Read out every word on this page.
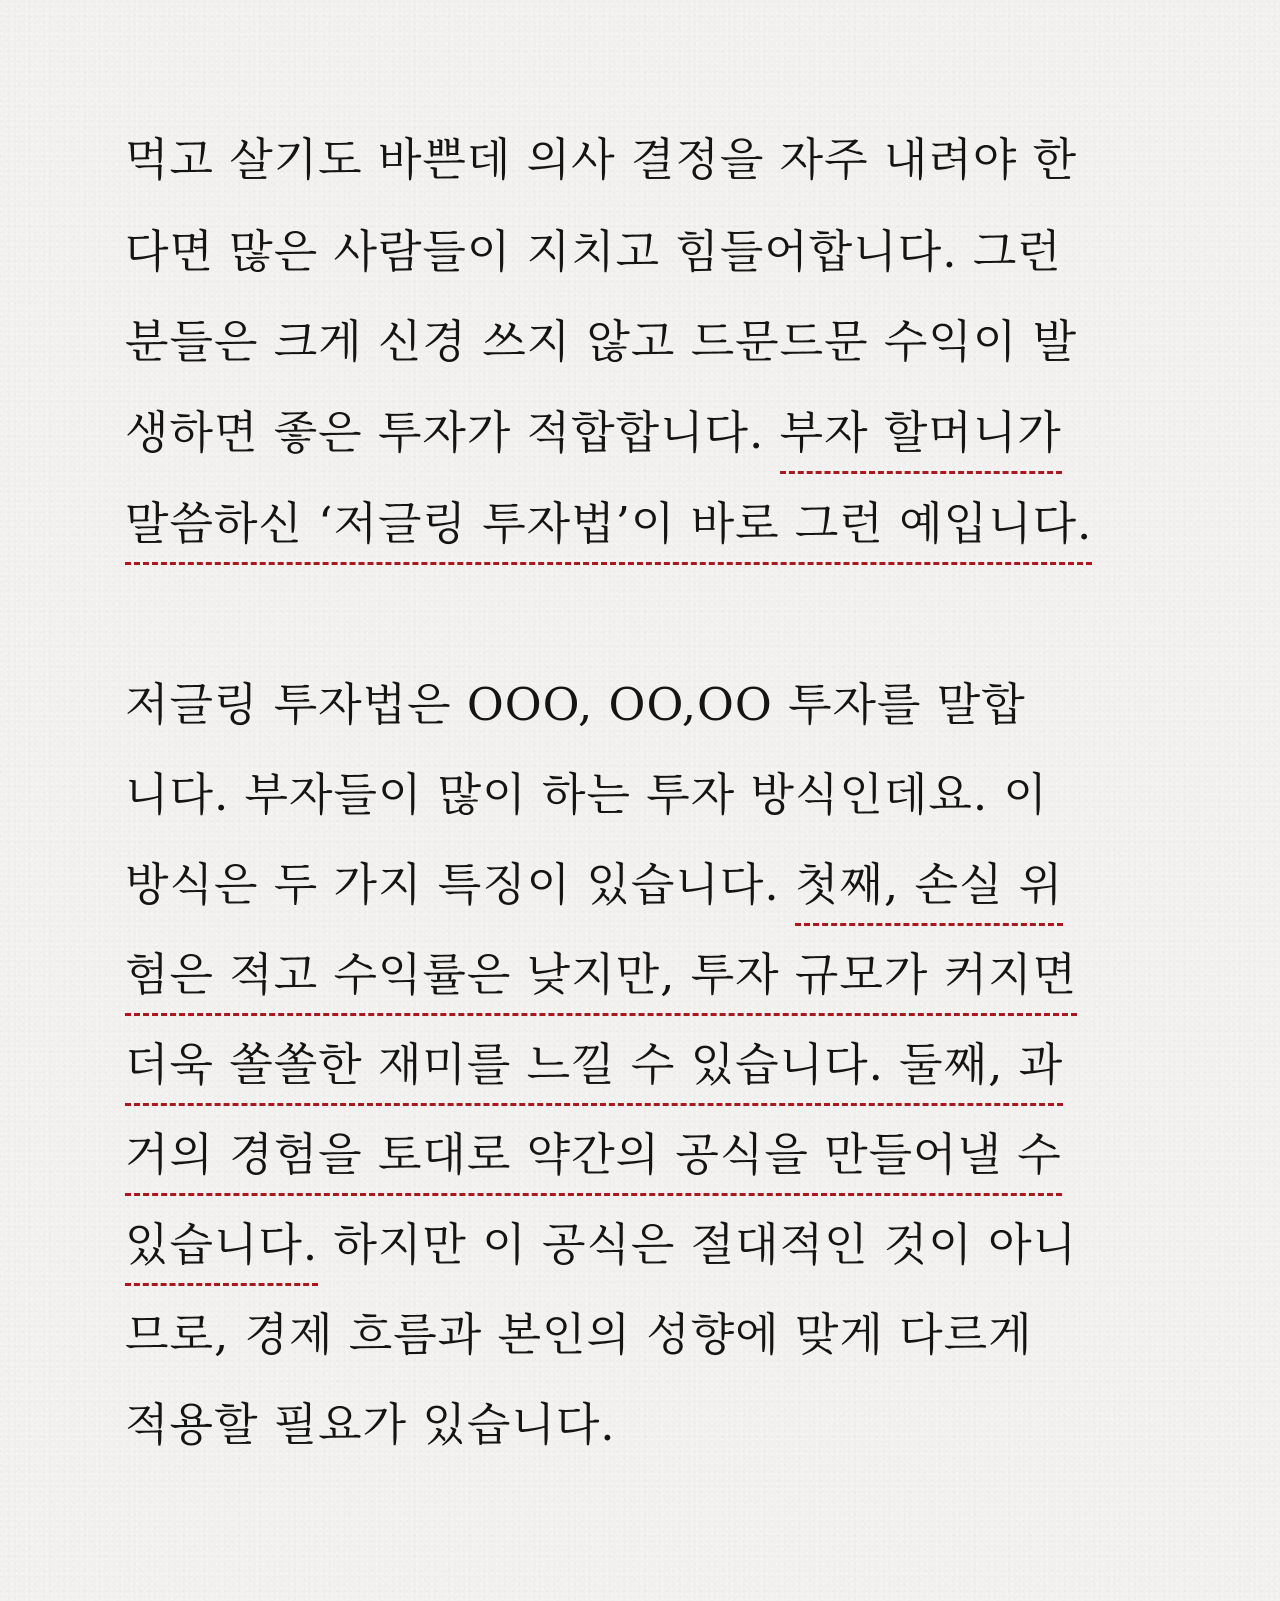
먹고 살기도 바쁜데 의사 결정을 자주 내려야 한
다면 많은 사람들이 지치고 힘들어합니다. 그런
분들은 크게 신경 쓰지 않고 드문드문 수익이 발
생하면 좋은 투자가 적합합니다. 부자 할머니가
말씀하신 ‘저글링 투자법’이 바로 그런 예입니다.
저글링 투자법은 OOO, OO,OO 투자를 말합
니다. 부자들이 많이 하는 투자 방식인데요. 이
방식은 두 가지 특징이 있습니다. 첫째, 손실 위
험은 적고 수익률은 낮지만, 투자 규모가 커지면
더욱 쏠쏠한 재미를 느낄 수 있습니다. 둘째, 과
거의 경험을 토대로 약간의 공식을 만들어낼 수
있습니다. 하지만 이 공식은 절대적인 것이 아니
므로, 경제 흐름과 본인의 성향에 맞게 다르게
적용할 필요가 있습니다.
